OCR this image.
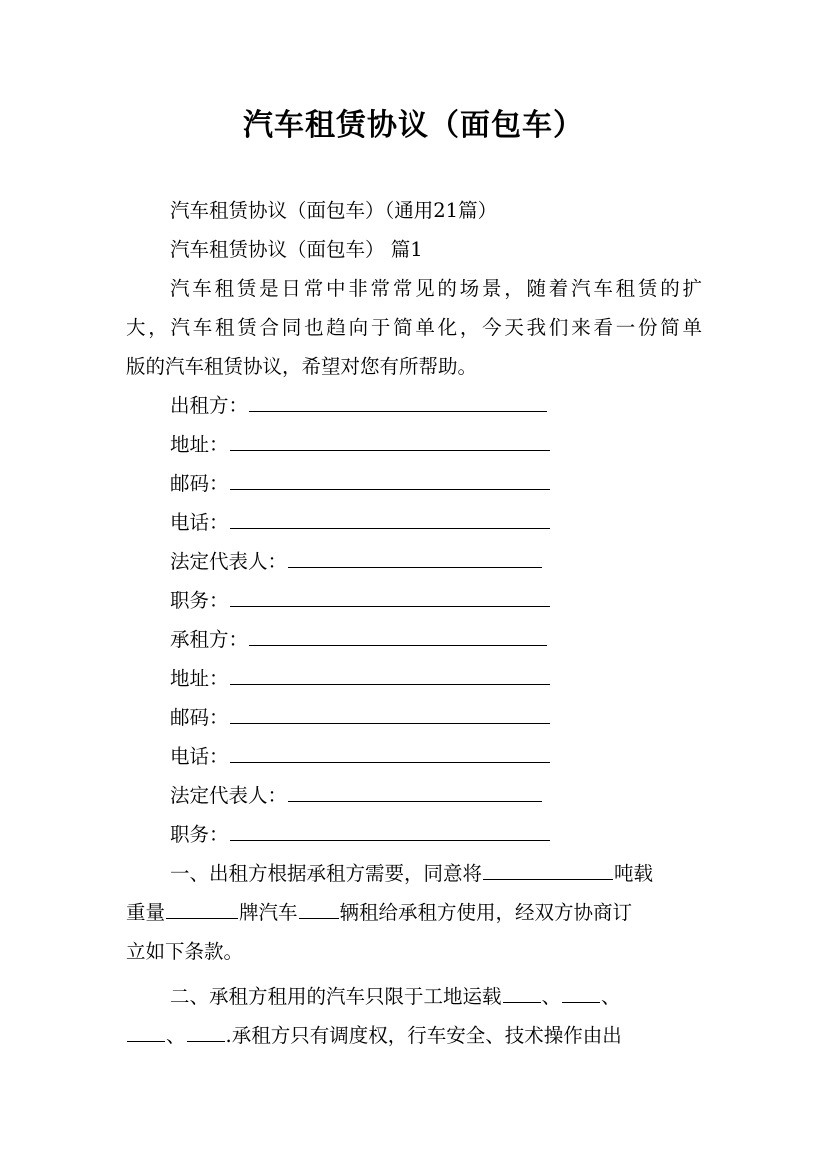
汽车租赁协议（面包车）
汽车租赁协议（面包车）（通用21篇）
汽车租赁协议（面包车） 篇1
汽车租赁是日常中非常常见的场景，随着汽车租赁的扩
大，汽车租赁合同也趋向于简单化，今天我们来看一份简单
版的汽车租赁协议，希望对您有所帮助。
出租方：
地址：
邮码：
电话：
法定代表人：
职务：
承租方：
地址：
邮码：
电话：
法定代表人：
职务：
一、出租方根据承租方需要，同意将	吨载
重量	牌汽车 辆租给承租方使用，经双方协商订
立如下条款。
二、承租方租用的汽车只限于工地运载 、 、
、 .承租方只有调度权，行车安全、技术操作由出
